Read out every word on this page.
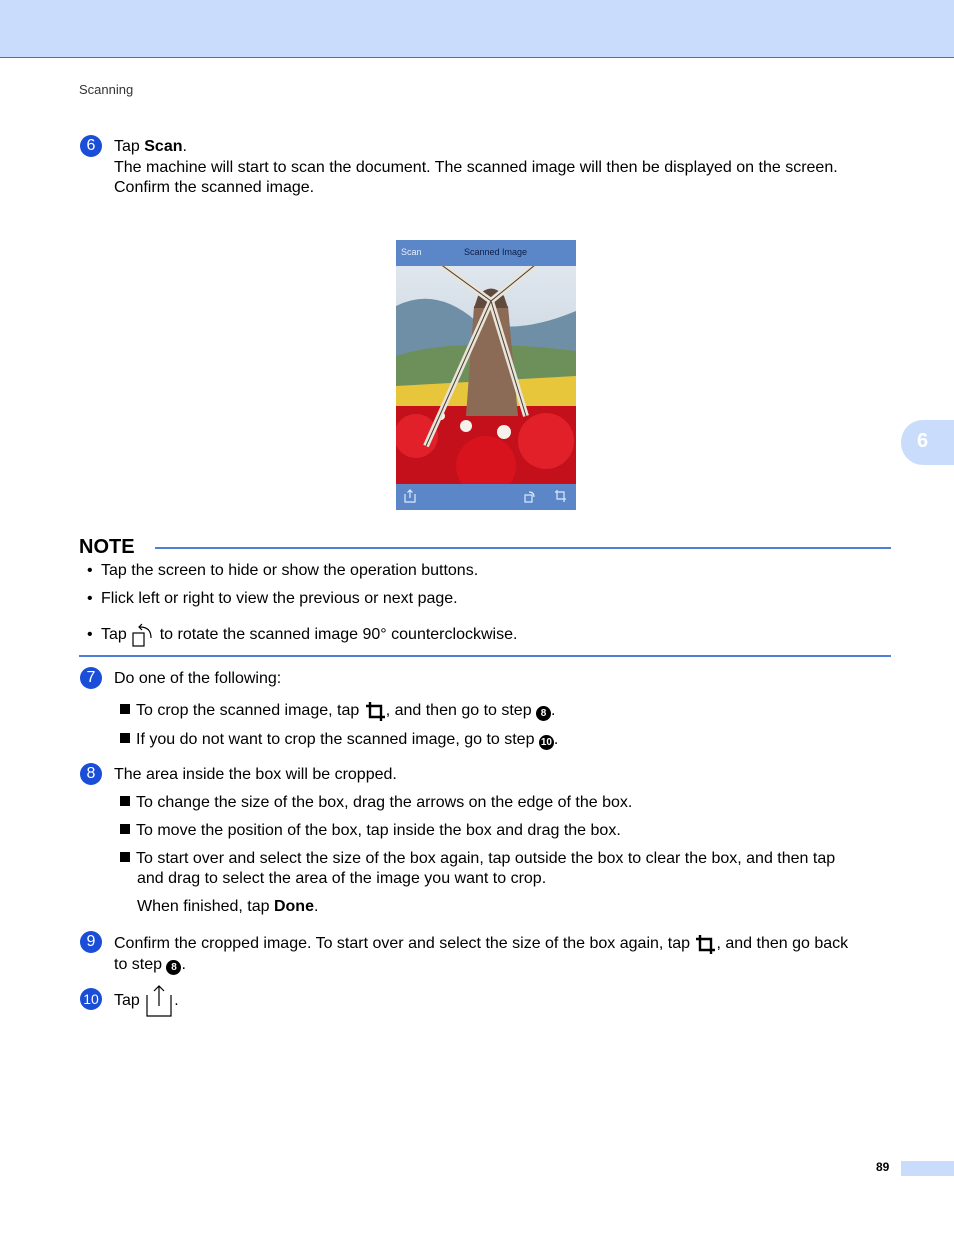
Scanning
6
6	Tap Scan.
The machine will start to scan the document. The scanned image will then be displayed on the screen.
Confirm the scanned image.
Scan	Scanned Image
NOTE
• Tap the screen to hide or show the operation buttons.
• Flick left or right to view the previous or next page.
• Tap  to rotate the scanned image 90° counterclockwise.
7	Do one of the following:
To crop the scanned image, tap , and then go to step 8 .
If you do not want to crop the scanned image, go to step 10 .
8	The area inside the box will be cropped.
To change the size of the box, drag the arrows on the edge of the box.
To move the position of the box, tap inside the box and drag the box.
To start over and select the size of the box again, tap outside the box to clear the box, and then tap
and drag to select the area of the image you want to crop.
When finished, tap Done.
9	Confirm the cropped image. To start over and select the size of the box again, tap , and then go back
to step 8 .
10 Tap .
89
